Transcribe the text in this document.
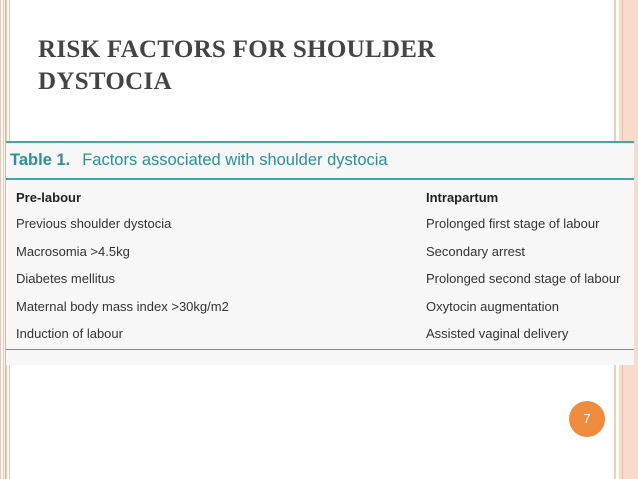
RISK FACTORS FOR SHOULDER DYSTOCIA
Table 1. Factors associated with shoulder dystocia
Pre-labour
Previous shoulder dystocia
Macrosomia >4.5kg
Diabetes mellitus
Maternal body mass index >30kg/m2
Induction of labour
Intrapartum
Prolonged first stage of labour
Secondary arrest
Prolonged second stage of labour
Oxytocin augmentation
Assisted vaginal delivery
7
